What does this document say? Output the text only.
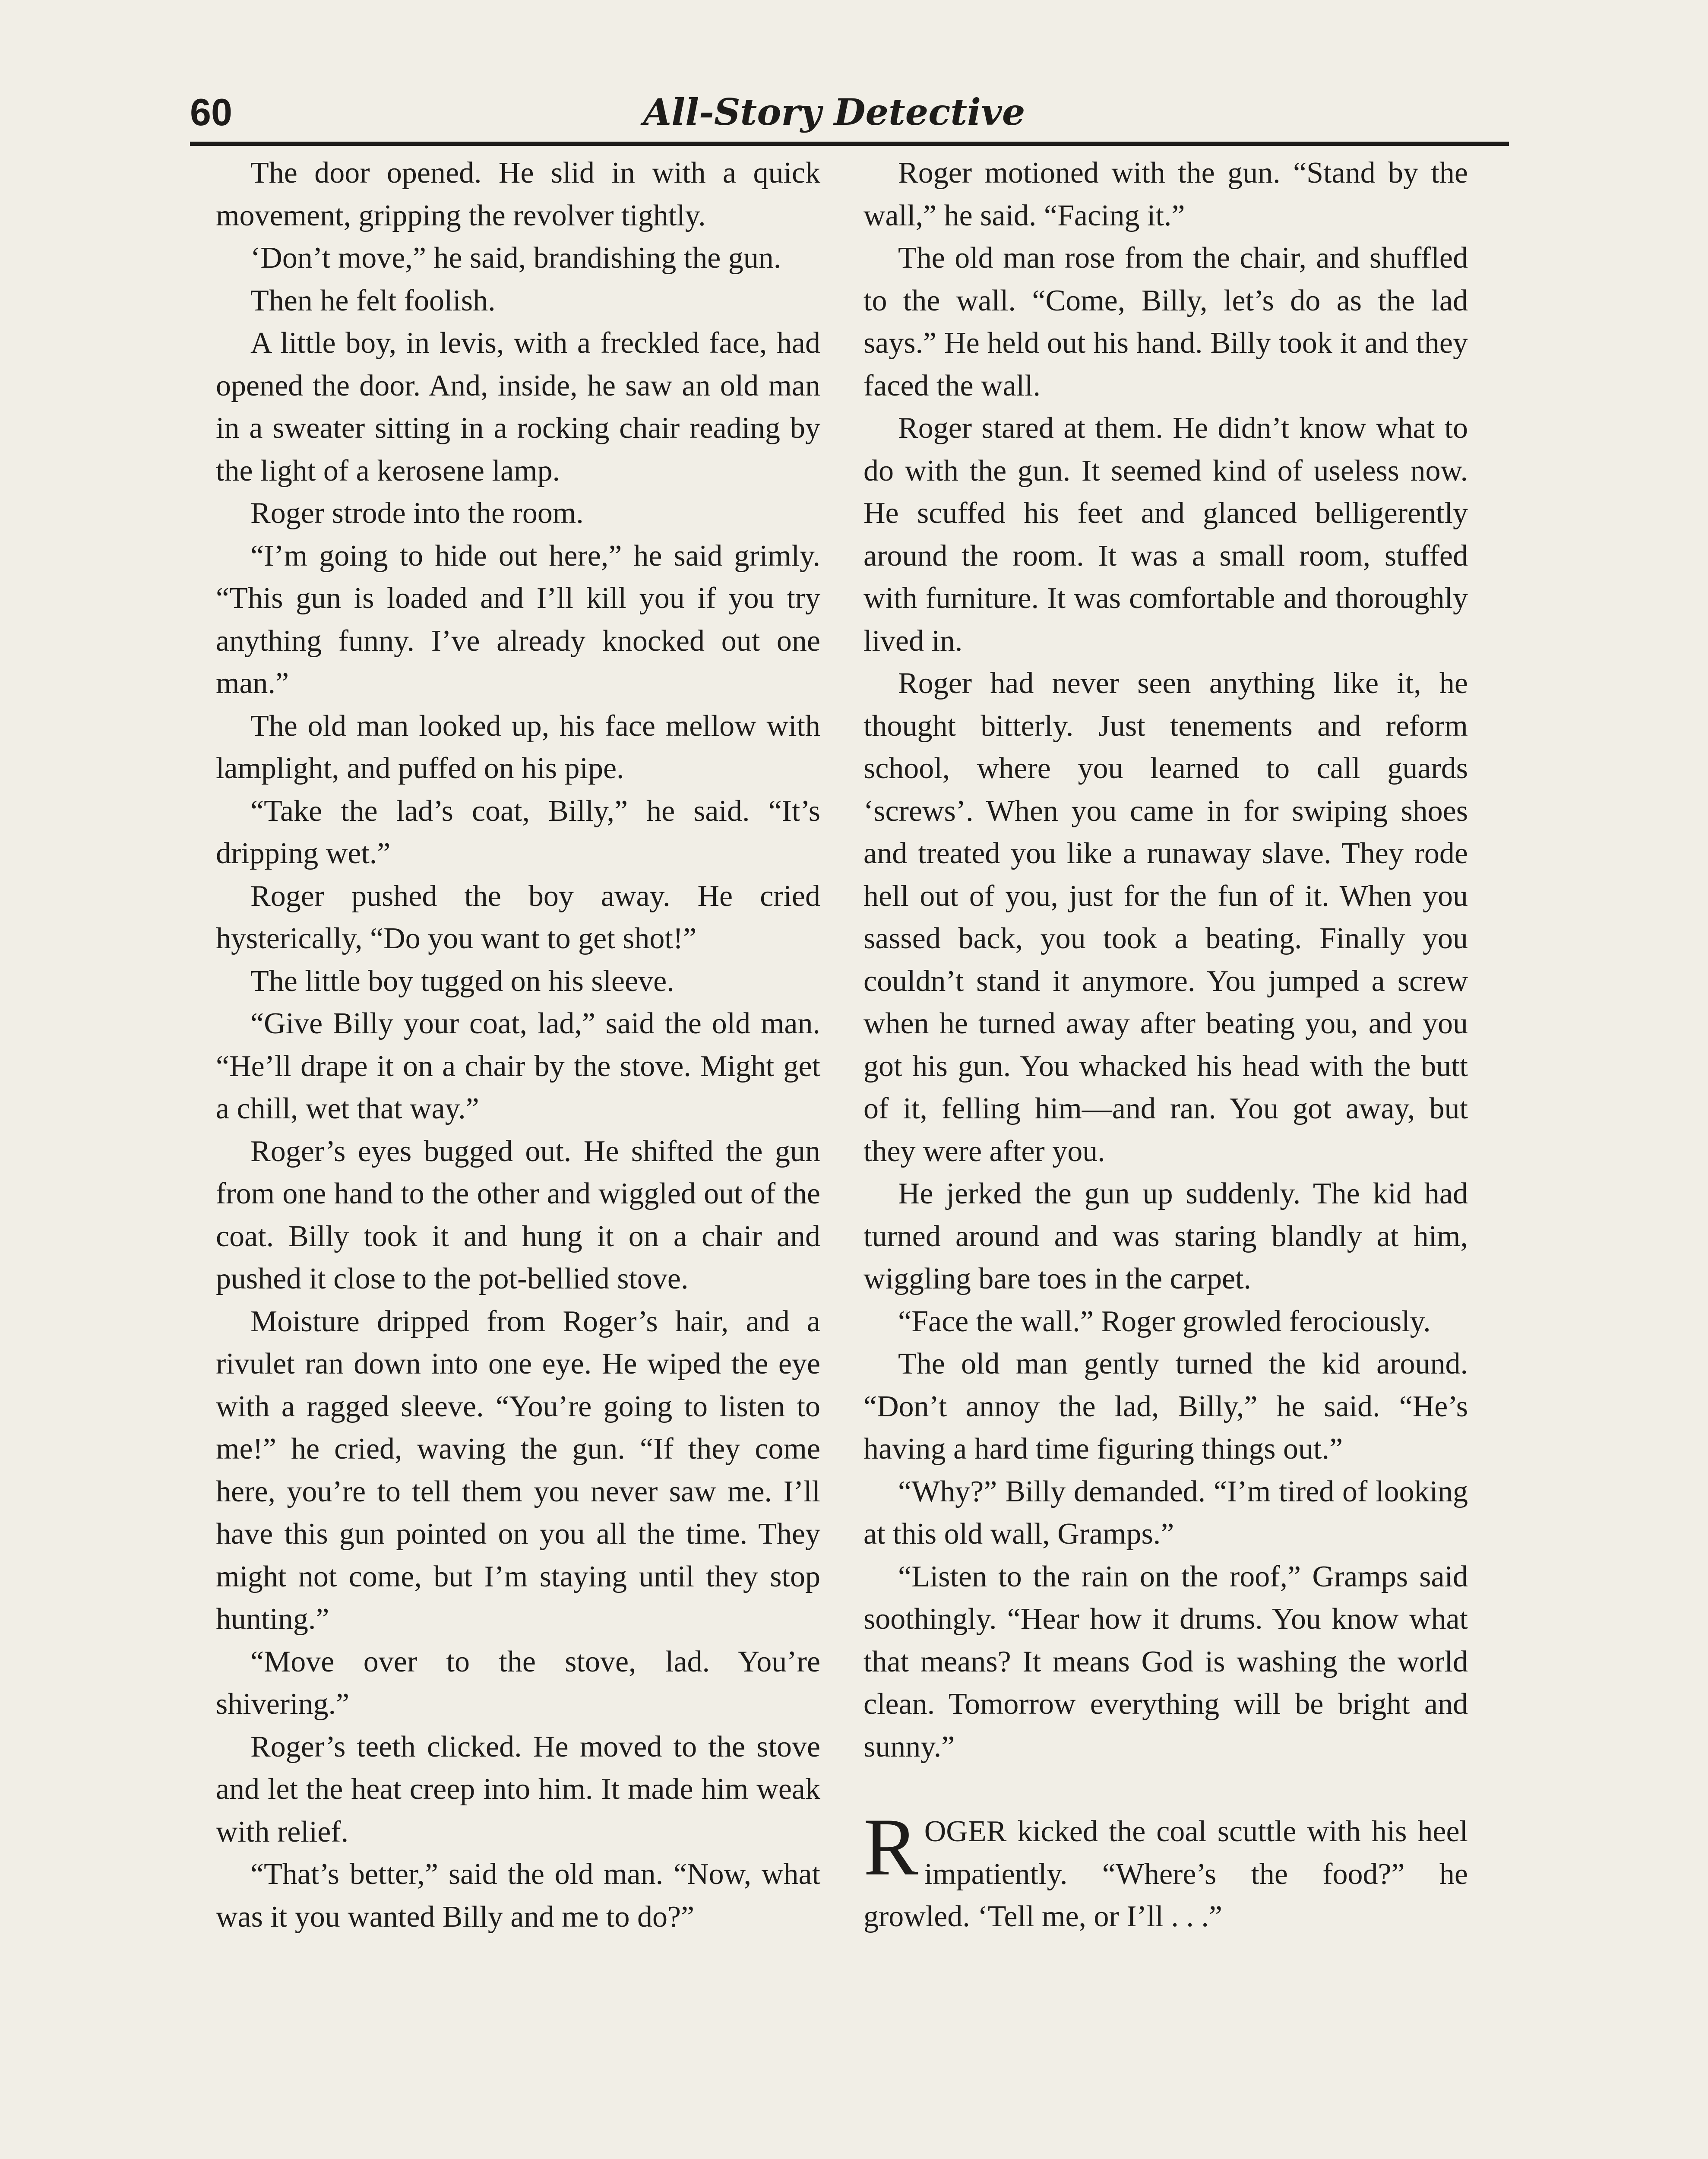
60	All-Story Detective

The door opened. He slid in with a quick movement, gripping the revolver tightly.

‘Don’t move,” he said, brandishing the gun.

Then he felt foolish.

A little boy, in levis, with a freckled face, had opened the door. And, inside, he saw an old man in a sweater sitting in a rocking chair reading by the light of a kerosene lamp.

Roger strode into the room.

“I’m going to hide out here,” he said grimly. “This gun is loaded and I’ll kill you if you try anything funny. I’ve already knocked out one man.”

The old man looked up, his face mellow with lamplight, and puffed on his pipe.

“Take the lad’s coat, Billy,” he said. “It’s dripping wet.”

Roger pushed the boy away. He cried hysterically, “Do you want to get shot!”

The little boy tugged on his sleeve.

“Give Billy your coat, lad,” said the old man. “He’ll drape it on a chair by the stove. Might get a chill, wet that way.”

Roger’s eyes bugged out. He shifted the gun from one hand to the other and wiggled out of the coat. Billy took it and hung it on a chair and pushed it close to the pot-bellied stove.

Moisture dripped from Roger’s hair, and a rivulet ran down into one eye. He wiped the eye with a ragged sleeve. “You’re going to listen to me!” he cried, waving the gun. “If they come here, you’re to tell them you never saw me. I’ll have this gun pointed on you all the time. They might not come, but I’m staying until they stop hunting.”

“Move over to the stove, lad. You’re shivering.”

Roger’s teeth clicked. He moved to the stove and let the heat creep into him. It made him weak with relief.

“That’s better,” said the old man. “Now, what was it you wanted Billy and me to do?”

Roger motioned with the gun. “Stand by the wall,” he said. “Facing it.”

The old man rose from the chair, and shuffled to the wall. “Come, Billy, let’s do as the lad says.” He held out his hand. Billy took it and they faced the wall.

Roger stared at them. He didn’t know what to do with the gun. It seemed kind of useless now. He scuffed his feet and glanced belligerently around the room. It was a small room, stuffed with furniture. It was comfortable and thoroughly lived in.

Roger had never seen anything like it, he thought bitterly. Just tenements and reform school, where you learned to call guards ‘screws’. When you came in for swiping shoes and treated you like a runaway slave. They rode hell out of you, just for the fun of it. When you sassed back, you took a beating. Finally you couldn’t stand it anymore. You jumped a screw when he turned away after beating you, and you got his gun. You whacked his head with the butt of it, felling him—and ran. You got away, but they were after you.

He jerked the gun up suddenly. The kid had turned around and was staring blandly at him, wiggling bare toes in the carpet.

“Face the wall.” Roger growled ferociously.

The old man gently turned the kid around. “Don’t annoy the lad, Billy,” he said. “He’s having a hard time figuring things out.”

“Why?” Billy demanded. “I’m tired of looking at this old wall, Gramps.”

“Listen to the rain on the roof,” Gramps said soothingly. “Hear how it drums. You know what that means? It means God is washing the world clean. Tomorrow everything will be bright and sunny.”

ROGER kicked the coal scuttle with his heel impatiently. “Where’s the food?” he growled. ‘Tell me, or I’ll . . .”
